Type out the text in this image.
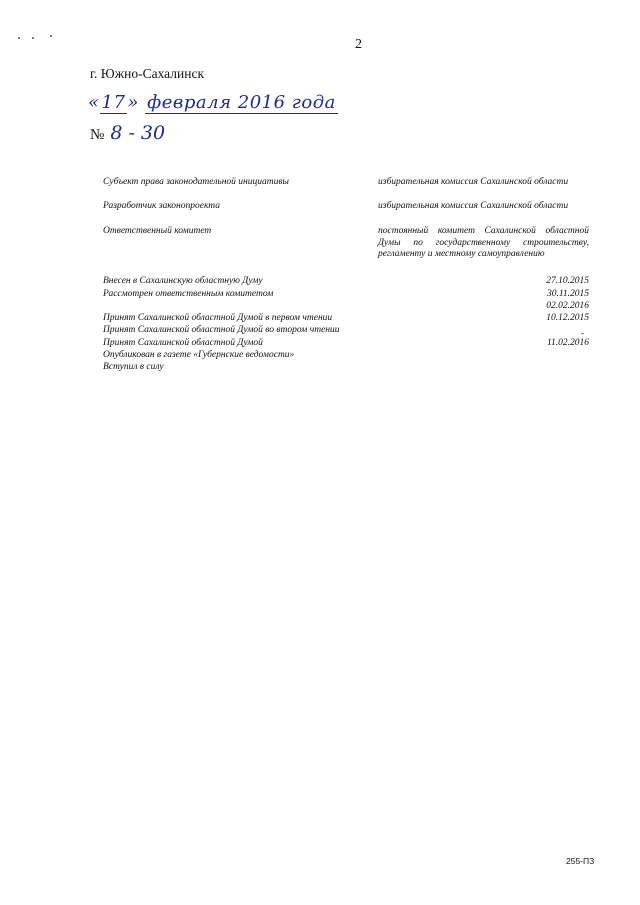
2
г. Южно-Сахалинск
« 17 » февраля 2016 года
№ 8 - 30
Субъект права законодательной инициативы	избирательная комиссия Сахалинской области
Разработчик законопроекта	избирательная комиссия Сахалинской области
Ответственный комитет	постоянный комитет Сахалинской областной Думы по государственному строительству, регламенту и местному самоуправлению
Внесен в Сахалинскую областную Думу	27.10.2015
Рассмотрен ответственным комитетом	30.11.2015
02.02.2016
Принят Сахалинской областной Думой в первом чтении	10.12.2015
Принят Сахалинской областной Думой во втором чтении	-
Принят Сахалинской областной Думой	11.02.2016
Опубликован в газете «Губернские ведомости»
Вступил в силу
255-ПЗ
